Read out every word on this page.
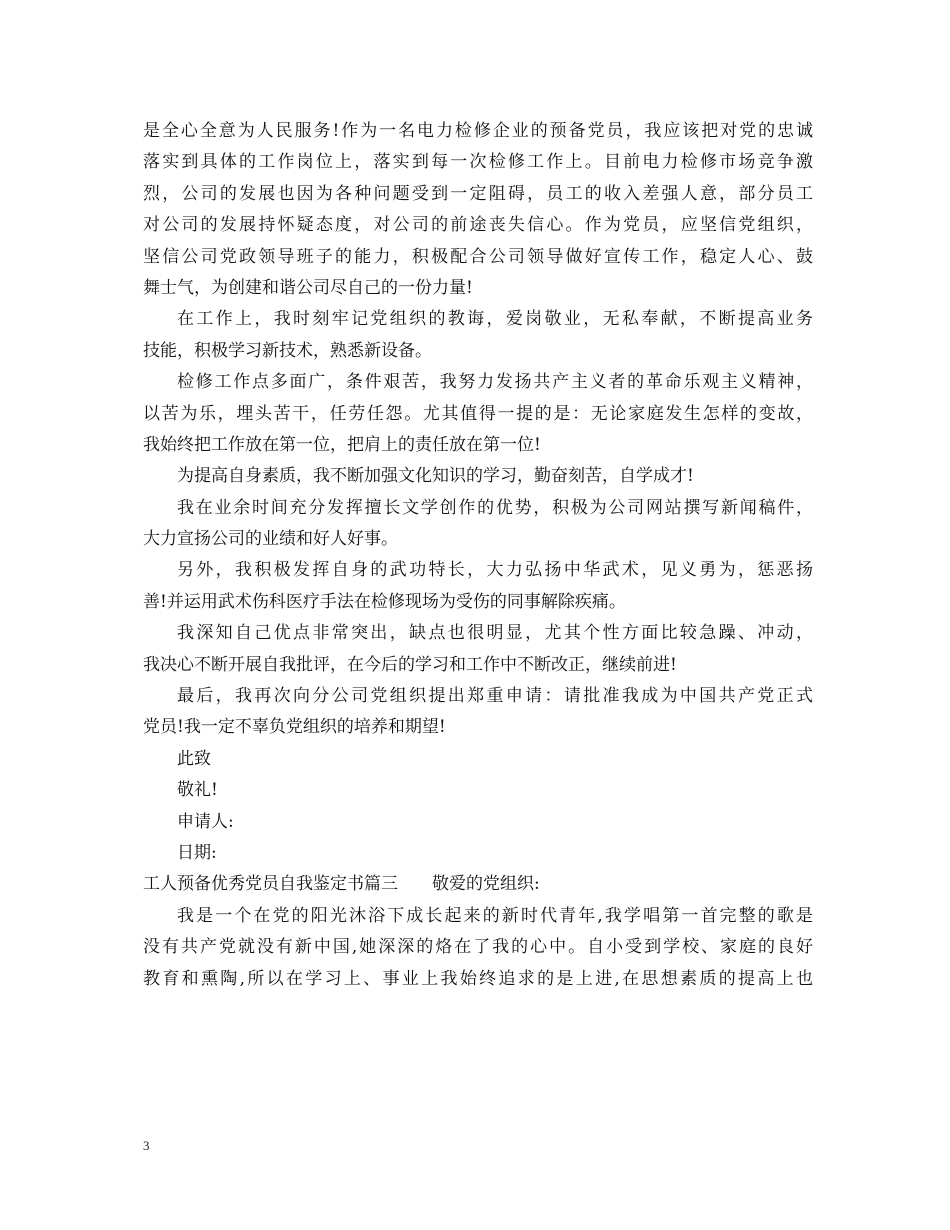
是全心全意为人民服务!作为一名电力检修企业的预备党员，我应该把对党的忠诚
落实到具体的工作岗位上，落实到每一次检修工作上。目前电力检修市场竞争激
烈，公司的发展也因为各种问题受到一定阻碍，员工的收入差强人意，部分员工
对公司的发展持怀疑态度，对公司的前途丧失信心。作为党员，应坚信党组织，
坚信公司党政领导班子的能力，积极配合公司领导做好宣传工作，稳定人心、鼓
舞士气，为创建和谐公司尽自己的一份力量!
在工作上，我时刻牢记党组织的教诲，爱岗敬业，无私奉献，不断提高业务
技能，积极学习新技术，熟悉新设备。
检修工作点多面广，条件艰苦，我努力发扬共产主义者的革命乐观主义精神，
以苦为乐，埋头苦干，任劳任怨。尤其值得一提的是：无论家庭发生怎样的变故，
我始终把工作放在第一位，把肩上的责任放在第一位!
为提高自身素质，我不断加强文化知识的学习，勤奋刻苦，自学成才!
我在业余时间充分发挥擅长文学创作的优势，积极为公司网站撰写新闻稿件，
大力宣扬公司的业绩和好人好事。
另外，我积极发挥自身的武功特长，大力弘扬中华武术，见义勇为，惩恶扬
善!并运用武术伤科医疗手法在检修现场为受伤的同事解除疾痛。
我深知自己优点非常突出，缺点也很明显，尤其个性方面比较急躁、冲动，
我决心不断开展自我批评，在今后的学习和工作中不断改正，继续前进!
最后，我再次向分公司党组织提出郑重申请：请批准我成为中国共产党正式
党员!我一定不辜负党组织的培养和期望!
此致
敬礼!
申请人:
日期:
工人预备优秀党员自我鉴定书篇三　　敬爱的党组织:
我是一个在党的阳光沐浴下成长起来的新时代青年,我学唱第一首完整的歌是
没有共产党就没有新中国,她深深的烙在了我的心中。自小受到学校、家庭的良好
教育和熏陶,所以在学习上、事业上我始终追求的是上进,在思想素质的提高上也
3
